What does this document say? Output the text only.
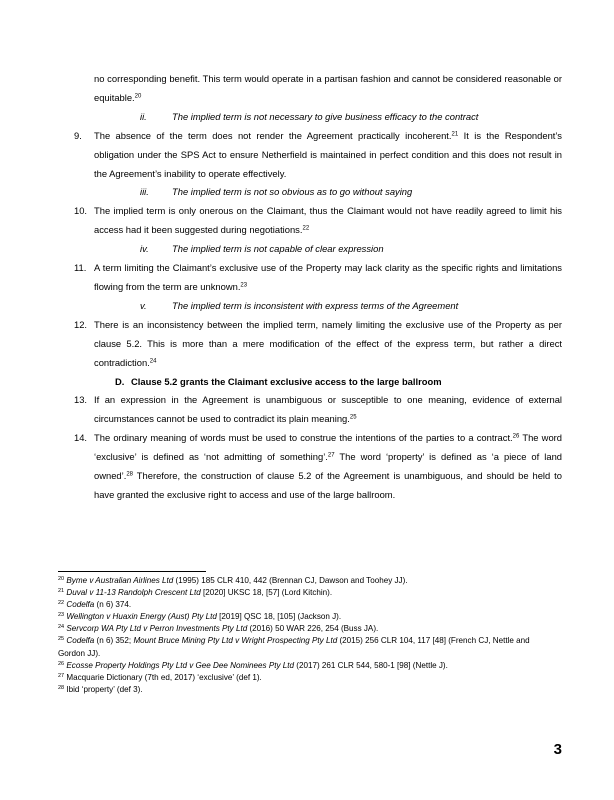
no corresponding benefit. This term would operate in a partisan fashion and cannot be considered reasonable or equitable.$^{20}$
ii.	The implied term is not necessary to give business efficacy to the contract
9. The absence of the term does not render the Agreement practically incoherent.$^{21}$ It is the Respondent’s obligation under the SPS Act to ensure Netherfield is maintained in perfect condition and this does not result in the Agreement’s inability to operate effectively.
iii. The implied term is not so obvious as to go without saying
10. The implied term is only onerous on the Claimant, thus the Claimant would not have readily agreed to limit his access had it been suggested during negotiations.$^{22}$
iv. The implied term is not capable of clear expression
11. A term limiting the Claimant’s exclusive use of the Property may lack clarity as the specific rights and limitations flowing from the term are unknown.$^{23}$
v.	The implied term is inconsistent with express terms of the Agreement
12. There is an inconsistency between the implied term, namely limiting the exclusive use of the Property as per clause 5.2. This is more than a mere modification of the effect of the express term, but rather a direct contradiction.$^{24}$
D. Clause 5.2 grants the Claimant exclusive access to the large ballroom
13. If an expression in the Agreement is unambiguous or susceptible to one meaning, evidence of external circumstances cannot be used to contradict its plain meaning.$^{25}$
14. The ordinary meaning of words must be used to construe the intentions of the parties to a contract.$^{26}$ The word ‘exclusive’ is defined as ‘not admitting of something’.$^{27}$ The word ‘property’ is defined as ‘a piece of land owned’.$^{28}$ Therefore, the construction of clause 5.2 of the Agreement is unambiguous, and should be held to have granted the exclusive right to access and use of the large ballroom.
$^{20}$ Byme v Australian Airlines Ltd (1995) 185 CLR 410, 442 (Brennan CJ, Dawson and Toohey JJ).
$^{21}$ Duval v 11-13 Randolph Crescent Ltd [2020] UKSC 18, [57] (Lord Kitchin).
$^{22}$ Codelfa (n 6) 374.
$^{23}$ Wellington v Huaxin Energy (Aust) Pty Ltd [2019] QSC 18, [105] (Jackson J).
$^{24}$ Servcorp WA Pty Ltd v Perron Investments Pty Ltd (2016) 50 WAR 226, 254 (Buss JA).
$^{25}$ Codelfa (n 6) 352; Mount Bruce Mining Pty Ltd v Wright Prospecting Pty Ltd (2015) 256 CLR 104, 117 [48] (French CJ, Nettle and Gordon JJ).
$^{26}$ Ecosse Property Holdings Pty Ltd v Gee Dee Nominees Pty Ltd (2017) 261 CLR 544, 580-1 [98] (Nettle J).
$^{27}$ Macquarie Dictionary (7th ed, 2017) ‘exclusive’ (def 1).
$^{28}$ Ibid ‘property’ (def 3).
3
